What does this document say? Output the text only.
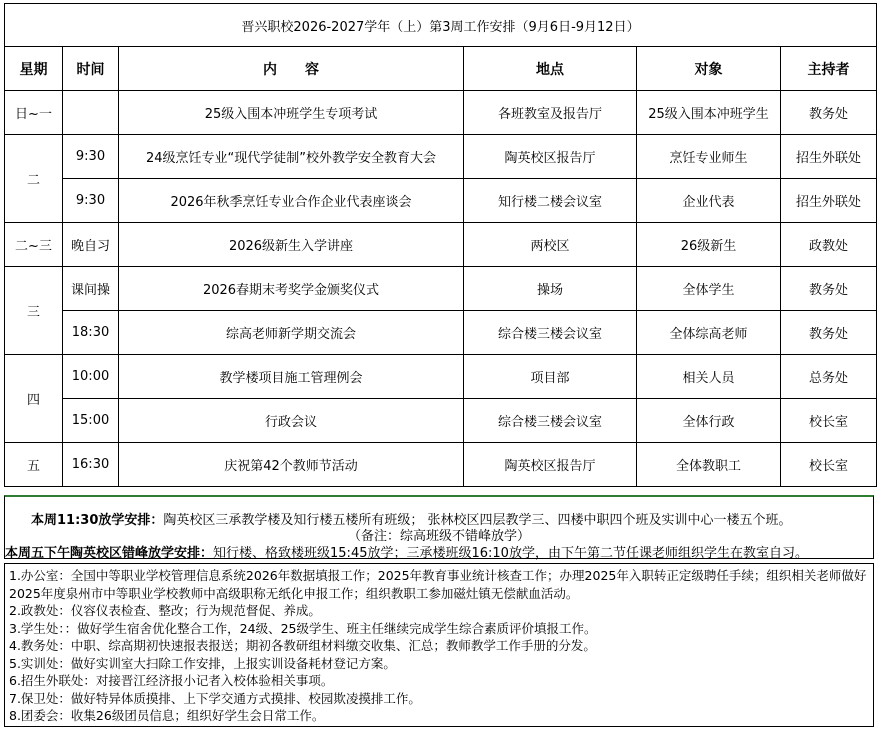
晋兴职校2026-2027学年（上）第3周工作安排（9月6日-9月12日）					
星期	时间	内　　容	地点	对象	主持者
日~一		25级入围本冲班学生专项考试	各班教室及报告厅	25级入围本冲班学生	教务处
二	9:30	24级烹饪专业“现代学徒制”校外教学安全教育大会	陶英校区报告厅	烹饪专业师生	招生外联处
	9:30	2026年秋季烹饪专业合作企业代表座谈会	知行楼二楼会议室	企业代表	招生外联处
二~三	晚自习	2026级新生入学讲座	两校区	26级新生	政教处
三	课间操	2026春期末考奖学金颁奖仪式	操场	全体学生	教务处
	18:30	综高老师新学期交流会	综合楼三楼会议室	全体综高老师	教务处
四	10:00	教学楼项目施工管理例会	项目部	相关人员	总务处
	15:00	行政会议	综合楼三楼会议室	全体行政	校长室
五	16:30	庆祝第42个教师节活动	陶英校区报告厅	全体教职工	校长室
本周11:30放学安排：陶英校区三承教学楼及知行楼五楼所有班级； 张林校区四层教学三、四楼中职四个班及实训中心一楼五个班。
（备注：综高班级不错峰放学）
本周五下午陶英校区错峰放学安排：知行楼、格致楼班级15:45放学；三承楼班级16:10放学，由下午第二节任课老师组织学生在教室自习。
1.办公室：全国中等职业学校管理信息系统2026年数据填报工作；2025年教育事业统计核查工作；办理2025年入职转正定级聘任手续；组织相关老师做好2025年度泉州市中等职业学校教师中高级职称无纸化申报工作；组织教职工参加磁灶镇无偿献血活动。
2.政教处：仪容仪表检查、整改；行为规范督促、养成。
3.学生处：：做好学生宿舍优化整合工作，24级、25级学生、班主任继续完成学生综合素质评价填报工作。
4.教务处：中职、综高期初快速报表报送；期初各教研组材料缴交收集、汇总；教师教学工作手册的分发。
5.实训处：做好实训室大扫除工作安排，上报实训设备耗材登记方案。
6.招生外联处：对接晋江经济报小记者入校体验相关事项。
7.保卫处：做好特异体质摸排、上下学交通方式摸排、校园欺凌摸排工作。
8.团委会：收集26级团员信息；组织好学生会日常工作。
